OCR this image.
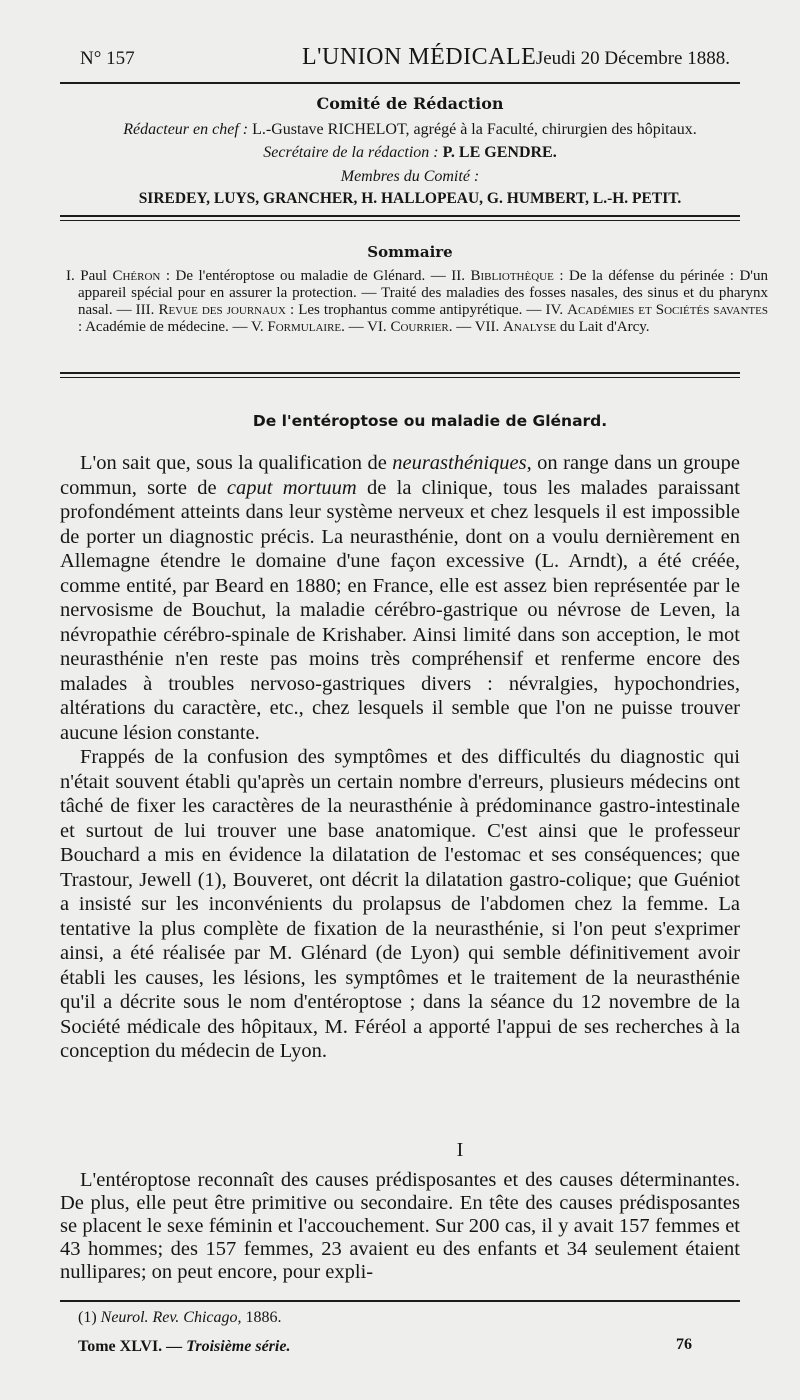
N° 157	L'UNION MÉDICALE Jeudi 20 Décembre 1888.
Comité de Rédaction
Rédacteur en chef : L.-Gustave RICHELOT, agrégé à la Faculté, chirurgien des hôpitaux.
Secrétaire de la rédaction : P. LE GENDRE.
Membres du Comité :
SIREDEY, LUYS, GRANCHER, H. HALLOPEAU, G. HUMBERT, L.-H. PETIT.
Sommaire
I. Paul Chéron : De l'entéroptose ou maladie de Glénard. — II. Bibliothèque : De la défense du périnée : D'un appareil spécial pour en assurer la protection. — Traité des maladies des fosses nasales, des sinus et du pharynx nasal. — III. Revue des journaux : Les trophantus comme antipyrétique. — IV. Académies et Sociétés savantes : Académie de médecine. — V. Formulaire. — VI. Courrier. — VII. Analyse du Lait d'Arcy.
De l'entéroptose ou maladie de Glénard.

L'on sait que, sous la qualification de neurasthéniques, on range dans un groupe commun, sorte de caput mortuum de la clinique, tous les malades paraissant profondément atteints dans leur système nerveux et chez lesquels il est impossible de porter un diagnostic précis. La neurasthénie, dont on a voulu dernièrement en Allemagne étendre le domaine d'une façon excessive (L. Arndt), a été créée, comme entité, par Beard en 1880; en France, elle est assez bien représentée par le nervosisme de Bouchut, la maladie cérébro-gastrique ou névrose de Leven, la névropathie cérébro-spinale de Krishaber. Ainsi limité dans son acception, le mot neurasthénie n'en reste pas moins très compréhensif et renferme encore des malades à troubles nervoso-gastriques divers : névralgies, hypochondries, altérations du caractère, etc., chez lesquels il semble que l'on ne puisse trouver aucune lésion constante.

Frappés de la confusion des symptômes et des difficultés du diagnostic qui n'était souvent établi qu'après un certain nombre d'erreurs, plusieurs médecins ont tâché de fixer les caractères de la neurasthénie à prédominance gastro-intestinale et surtout de lui trouver une base anatomique. C'est ainsi que le professeur Bouchard a mis en évidence la dilatation de l'estomac et ses conséquences; que Trastour, Jewell (1), Bouveret, ont décrit la dilatation gastro-colique; que Guéniot a insisté sur les inconvénients du prolapsus de l'abdomen chez la femme. La tentative la plus complète de fixation de la neurasthénie, si l'on peut s'exprimer ainsi, a été réalisée par M. Glénard (de Lyon) qui semble définitivement avoir établi les causes, les lésions, les symptômes et le traitement de la neurasthénie qu'il a décrite sous le nom d'entéroptose ; dans la séance du 12 novembre de la Société médicale des hôpitaux, M. Féréol a apporté l'appui de ses recherches à la conception du médecin de Lyon.

I

L'entéroptose reconnaît des causes prédisposantes et des causes déterminantes. De plus, elle peut être primitive ou secondaire. En tête des causes prédisposantes se placent le sexe féminin et l'accouchement. Sur 200 cas, il y avait 157 femmes et 43 hommes; des 157 femmes, 23 avaient eu des enfants et 34 seulement étaient nullipares; on peut encore, pour expli-

(1) Neurol. Rev. Chicago, 1886.
Tome XLVI. — Troisième série.	76
